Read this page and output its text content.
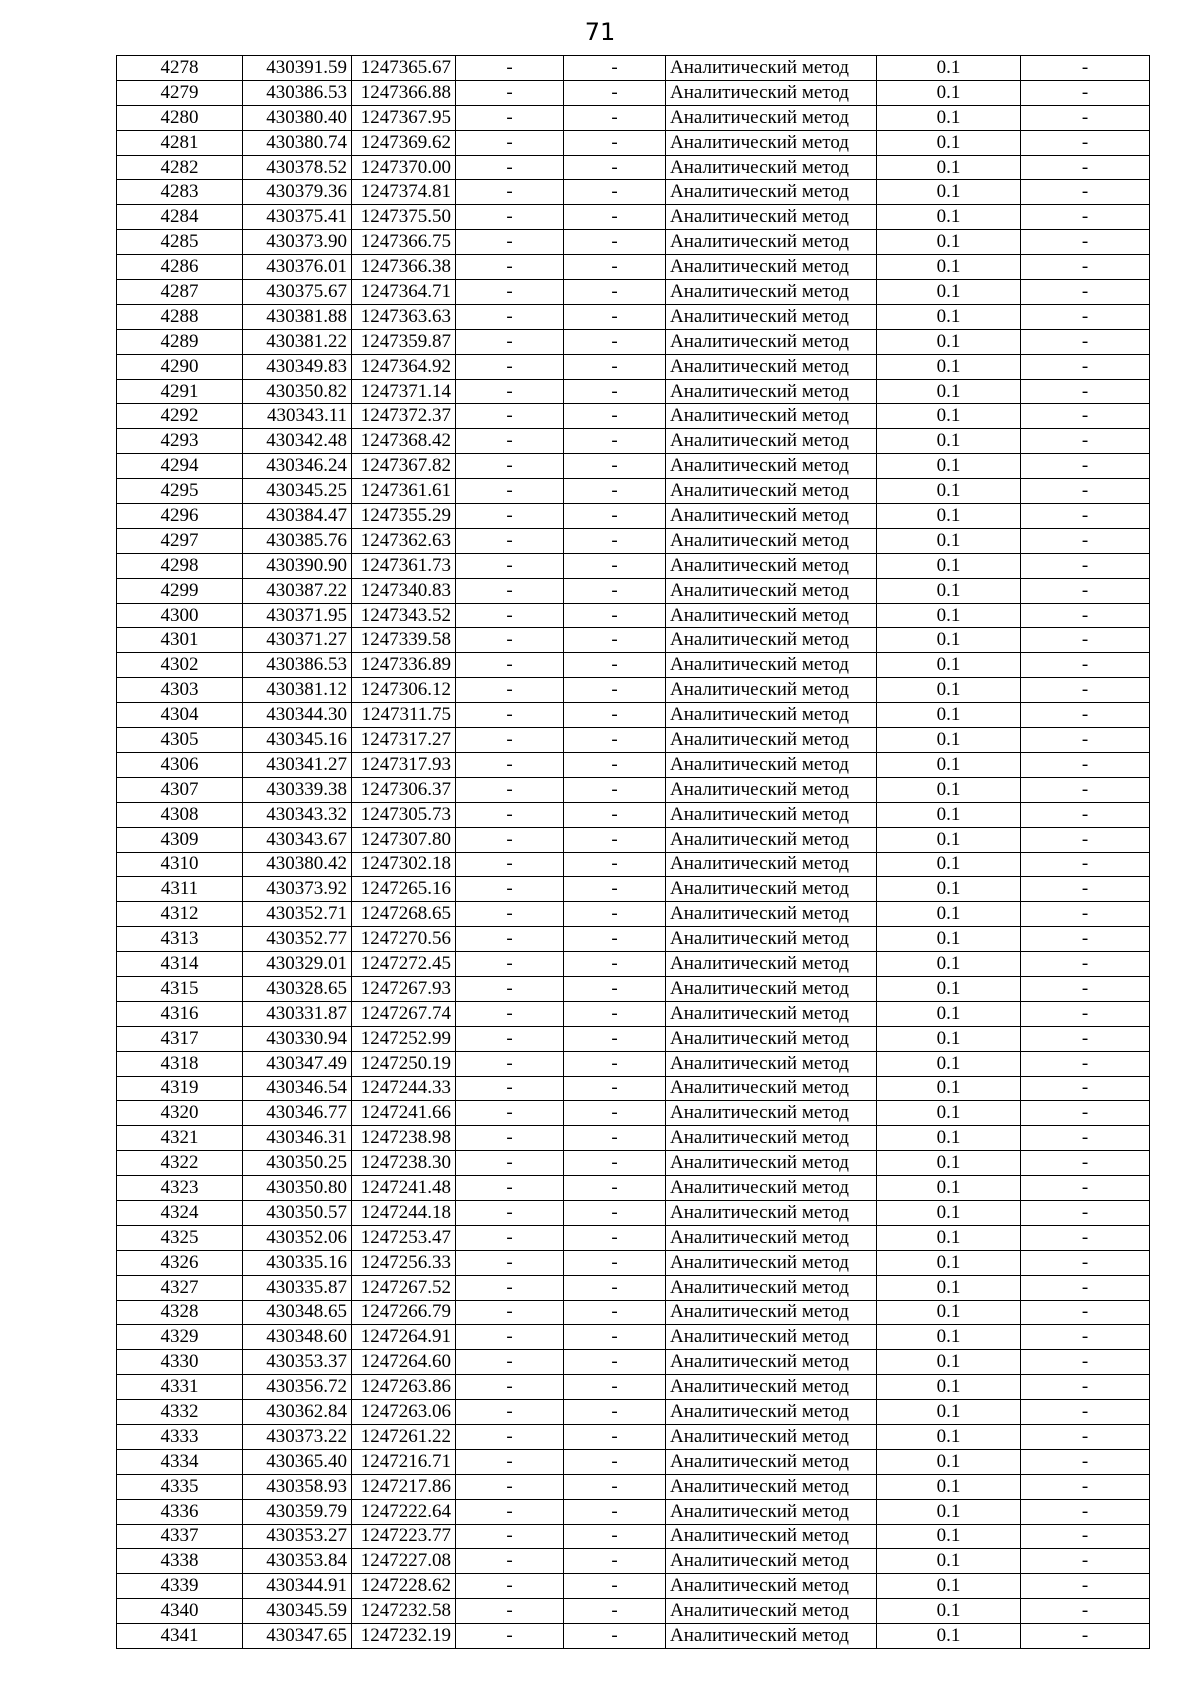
71
4278	430391.59	1247365.67	-	-	Аналитический метод	0.1	-
4279	430386.53	1247366.88	-	-	Аналитический метод	0.1	-
4280	430380.40	1247367.95	-	-	Аналитический метод	0.1	-
4281	430380.74	1247369.62	-	-	Аналитический метод	0.1	-
4282	430378.52	1247370.00	-	-	Аналитический метод	0.1	-
4283	430379.36	1247374.81	-	-	Аналитический метод	0.1	-
4284	430375.41	1247375.50	-	-	Аналитический метод	0.1	-
4285	430373.90	1247366.75	-	-	Аналитический метод	0.1	-
4286	430376.01	1247366.38	-	-	Аналитический метод	0.1	-
4287	430375.67	1247364.71	-	-	Аналитический метод	0.1	-
4288	430381.88	1247363.63	-	-	Аналитический метод	0.1	-
4289	430381.22	1247359.87	-	-	Аналитический метод	0.1	-
4290	430349.83	1247364.92	-	-	Аналитический метод	0.1	-
4291	430350.82	1247371.14	-	-	Аналитический метод	0.1	-
4292	430343.11	1247372.37	-	-	Аналитический метод	0.1	-
4293	430342.48	1247368.42	-	-	Аналитический метод	0.1	-
4294	430346.24	1247367.82	-	-	Аналитический метод	0.1	-
4295	430345.25	1247361.61	-	-	Аналитический метод	0.1	-
4296	430384.47	1247355.29	-	-	Аналитический метод	0.1	-
4297	430385.76	1247362.63	-	-	Аналитический метод	0.1	-
4298	430390.90	1247361.73	-	-	Аналитический метод	0.1	-
4299	430387.22	1247340.83	-	-	Аналитический метод	0.1	-
4300	430371.95	1247343.52	-	-	Аналитический метод	0.1	-
4301	430371.27	1247339.58	-	-	Аналитический метод	0.1	-
4302	430386.53	1247336.89	-	-	Аналитический метод	0.1	-
4303	430381.12	1247306.12	-	-	Аналитический метод	0.1	-
4304	430344.30	1247311.75	-	-	Аналитический метод	0.1	-
4305	430345.16	1247317.27	-	-	Аналитический метод	0.1	-
4306	430341.27	1247317.93	-	-	Аналитический метод	0.1	-
4307	430339.38	1247306.37	-	-	Аналитический метод	0.1	-
4308	430343.32	1247305.73	-	-	Аналитический метод	0.1	-
4309	430343.67	1247307.80	-	-	Аналитический метод	0.1	-
4310	430380.42	1247302.18	-	-	Аналитический метод	0.1	-
4311	430373.92	1247265.16	-	-	Аналитический метод	0.1	-
4312	430352.71	1247268.65	-	-	Аналитический метод	0.1	-
4313	430352.77	1247270.56	-	-	Аналитический метод	0.1	-
4314	430329.01	1247272.45	-	-	Аналитический метод	0.1	-
4315	430328.65	1247267.93	-	-	Аналитический метод	0.1	-
4316	430331.87	1247267.74	-	-	Аналитический метод	0.1	-
4317	430330.94	1247252.99	-	-	Аналитический метод	0.1	-
4318	430347.49	1247250.19	-	-	Аналитический метод	0.1	-
4319	430346.54	1247244.33	-	-	Аналитический метод	0.1	-
4320	430346.77	1247241.66	-	-	Аналитический метод	0.1	-
4321	430346.31	1247238.98	-	-	Аналитический метод	0.1	-
4322	430350.25	1247238.30	-	-	Аналитический метод	0.1	-
4323	430350.80	1247241.48	-	-	Аналитический метод	0.1	-
4324	430350.57	1247244.18	-	-	Аналитический метод	0.1	-
4325	430352.06	1247253.47	-	-	Аналитический метод	0.1	-
4326	430335.16	1247256.33	-	-	Аналитический метод	0.1	-
4327	430335.87	1247267.52	-	-	Аналитический метод	0.1	-
4328	430348.65	1247266.79	-	-	Аналитический метод	0.1	-
4329	430348.60	1247264.91	-	-	Аналитический метод	0.1	-
4330	430353.37	1247264.60	-	-	Аналитический метод	0.1	-
4331	430356.72	1247263.86	-	-	Аналитический метод	0.1	-
4332	430362.84	1247263.06	-	-	Аналитический метод	0.1	-
4333	430373.22	1247261.22	-	-	Аналитический метод	0.1	-
4334	430365.40	1247216.71	-	-	Аналитический метод	0.1	-
4335	430358.93	1247217.86	-	-	Аналитический метод	0.1	-
4336	430359.79	1247222.64	-	-	Аналитический метод	0.1	-
4337	430353.27	1247223.77	-	-	Аналитический метод	0.1	-
4338	430353.84	1247227.08	-	-	Аналитический метод	0.1	-
4339	430344.91	1247228.62	-	-	Аналитический метод	0.1	-
4340	430345.59	1247232.58	-	-	Аналитический метод	0.1	-
4341	430347.65	1247232.19	-	-	Аналитический метод	0.1	-
